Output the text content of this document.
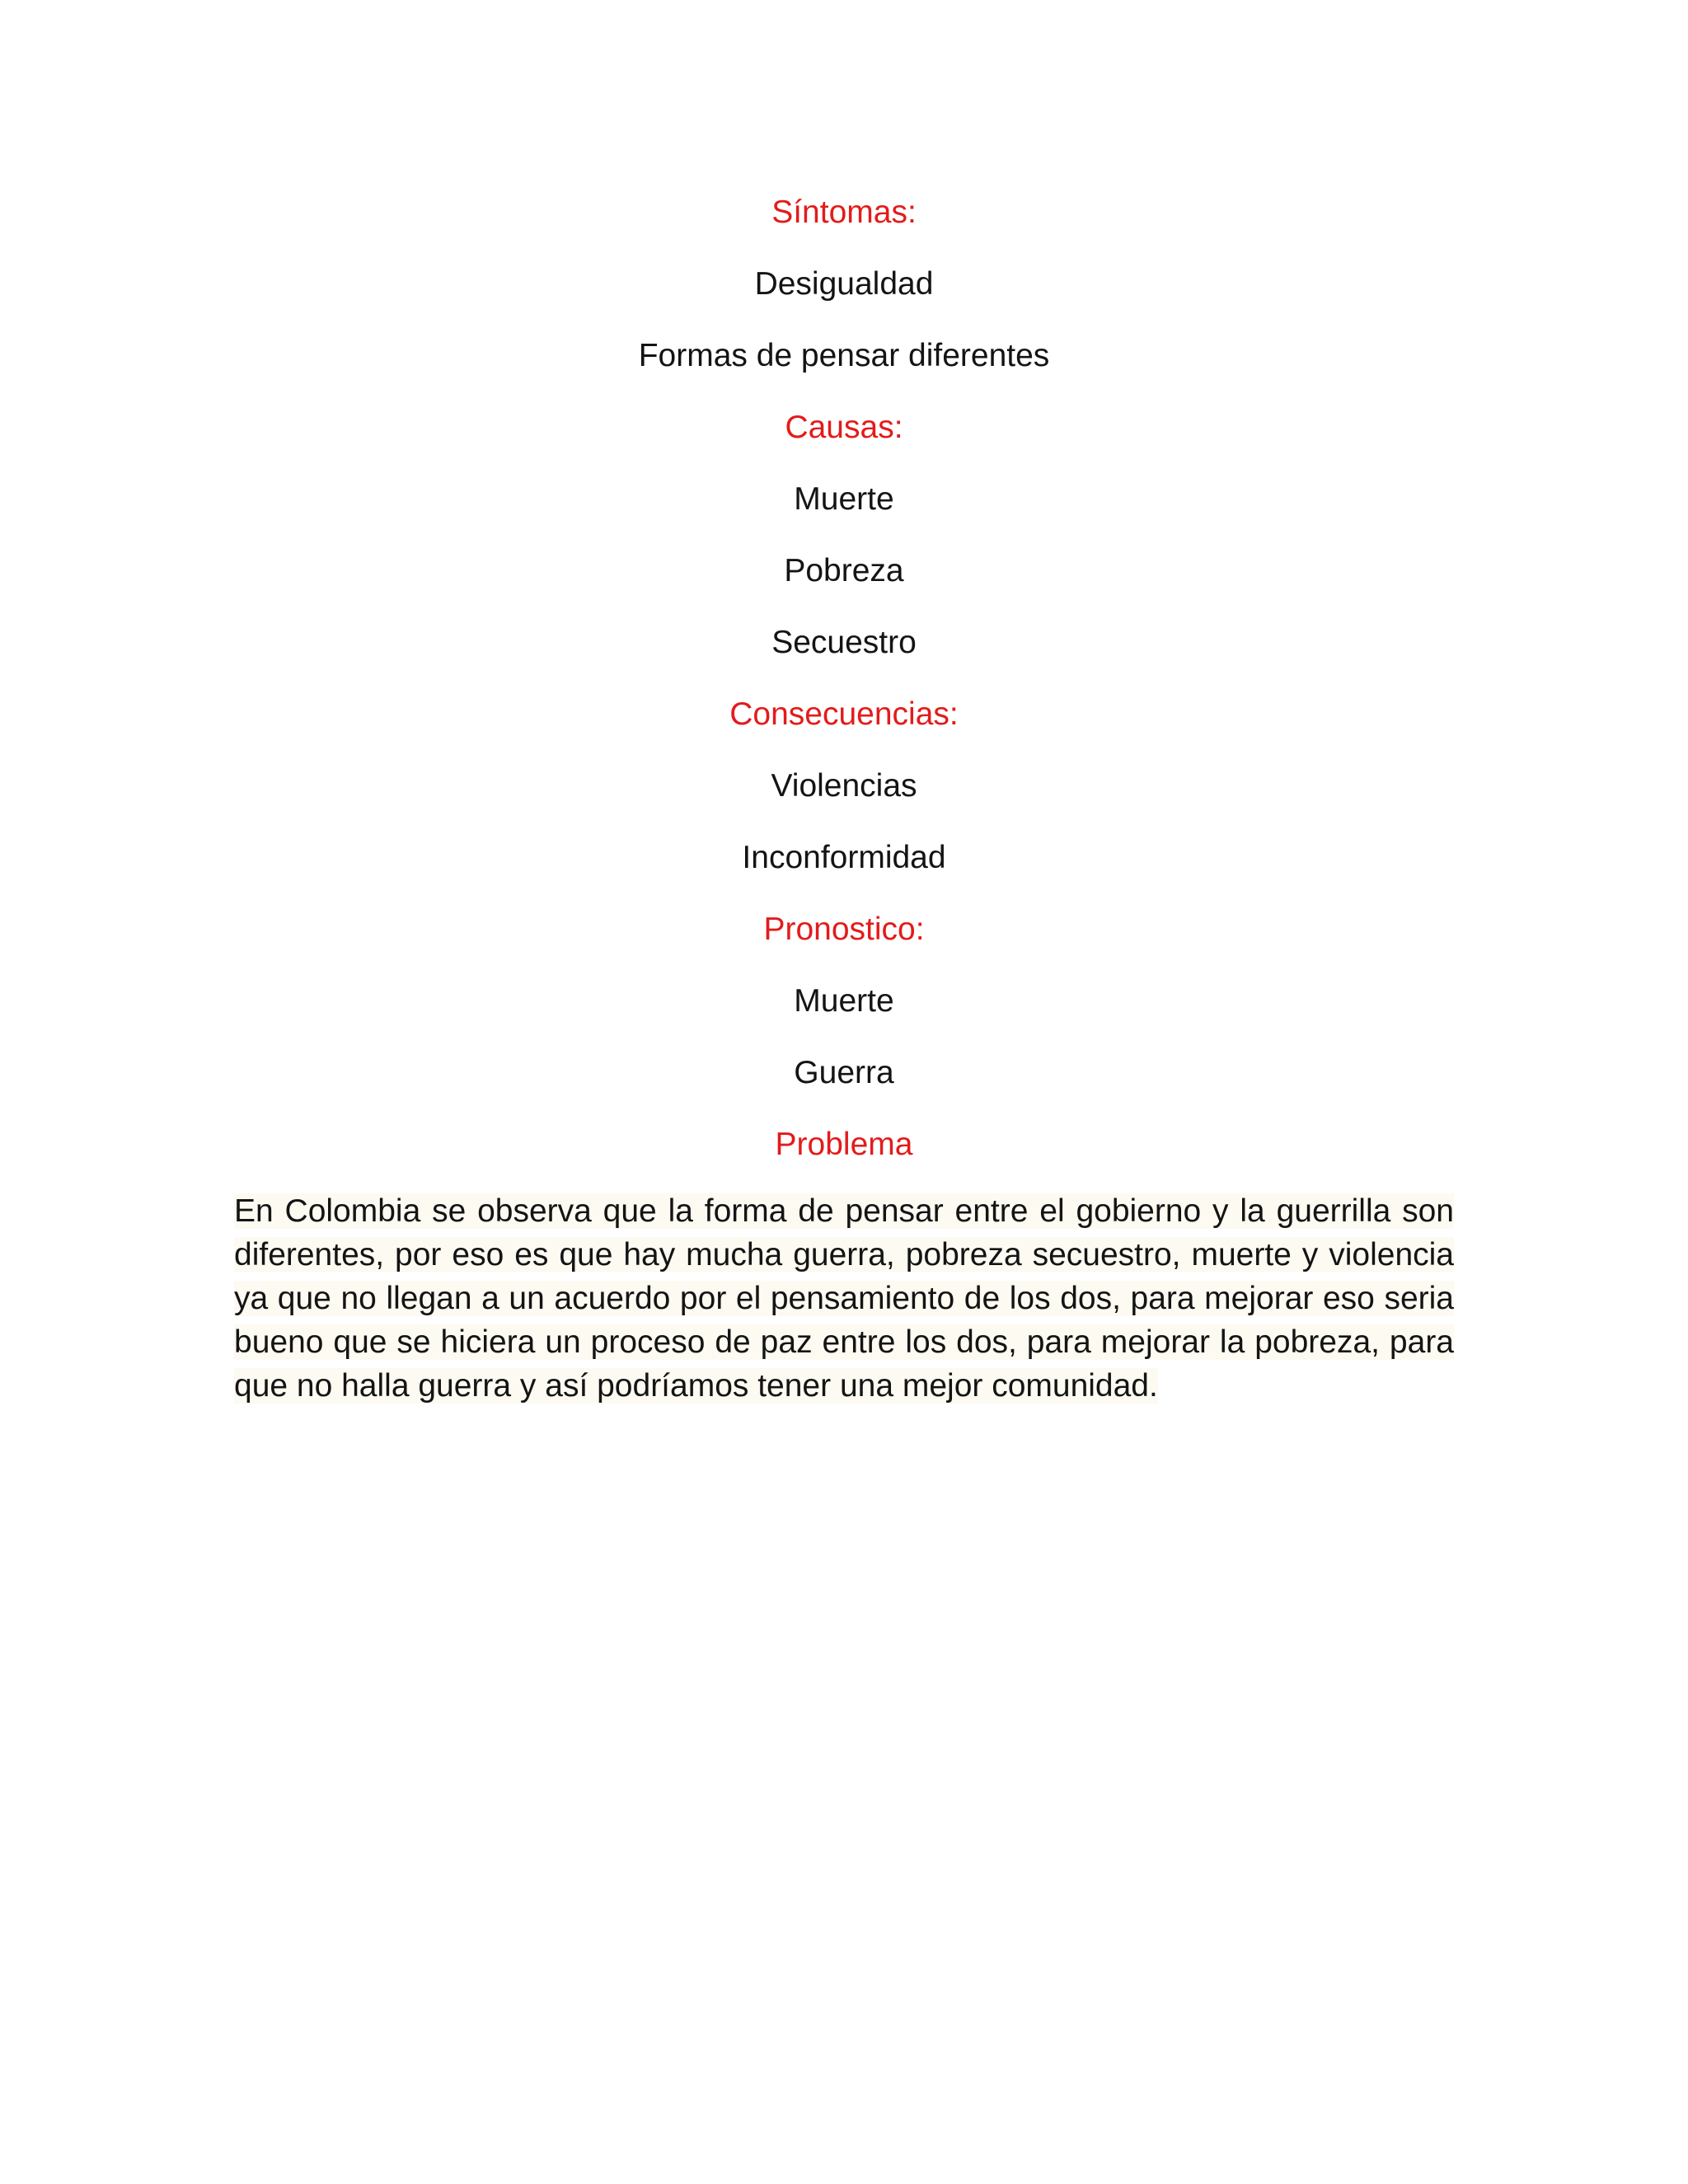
Síntomas:
Desigualdad
Formas de pensar diferentes
Causas:
Muerte
Pobreza
Secuestro
Consecuencias:
Violencias
Inconformidad
Pronostico:
Muerte
Guerra
Problema
En Colombia se observa que la forma de pensar entre el gobierno y la guerrilla son diferentes, por eso es que hay mucha guerra, pobreza secuestro, muerte y violencia ya que no llegan a un acuerdo por el pensamiento de los dos, para mejorar eso seria bueno que se hiciera un proceso de paz entre los dos, para mejorar la pobreza, para que no halla guerra y así podríamos tener una mejor comunidad.
